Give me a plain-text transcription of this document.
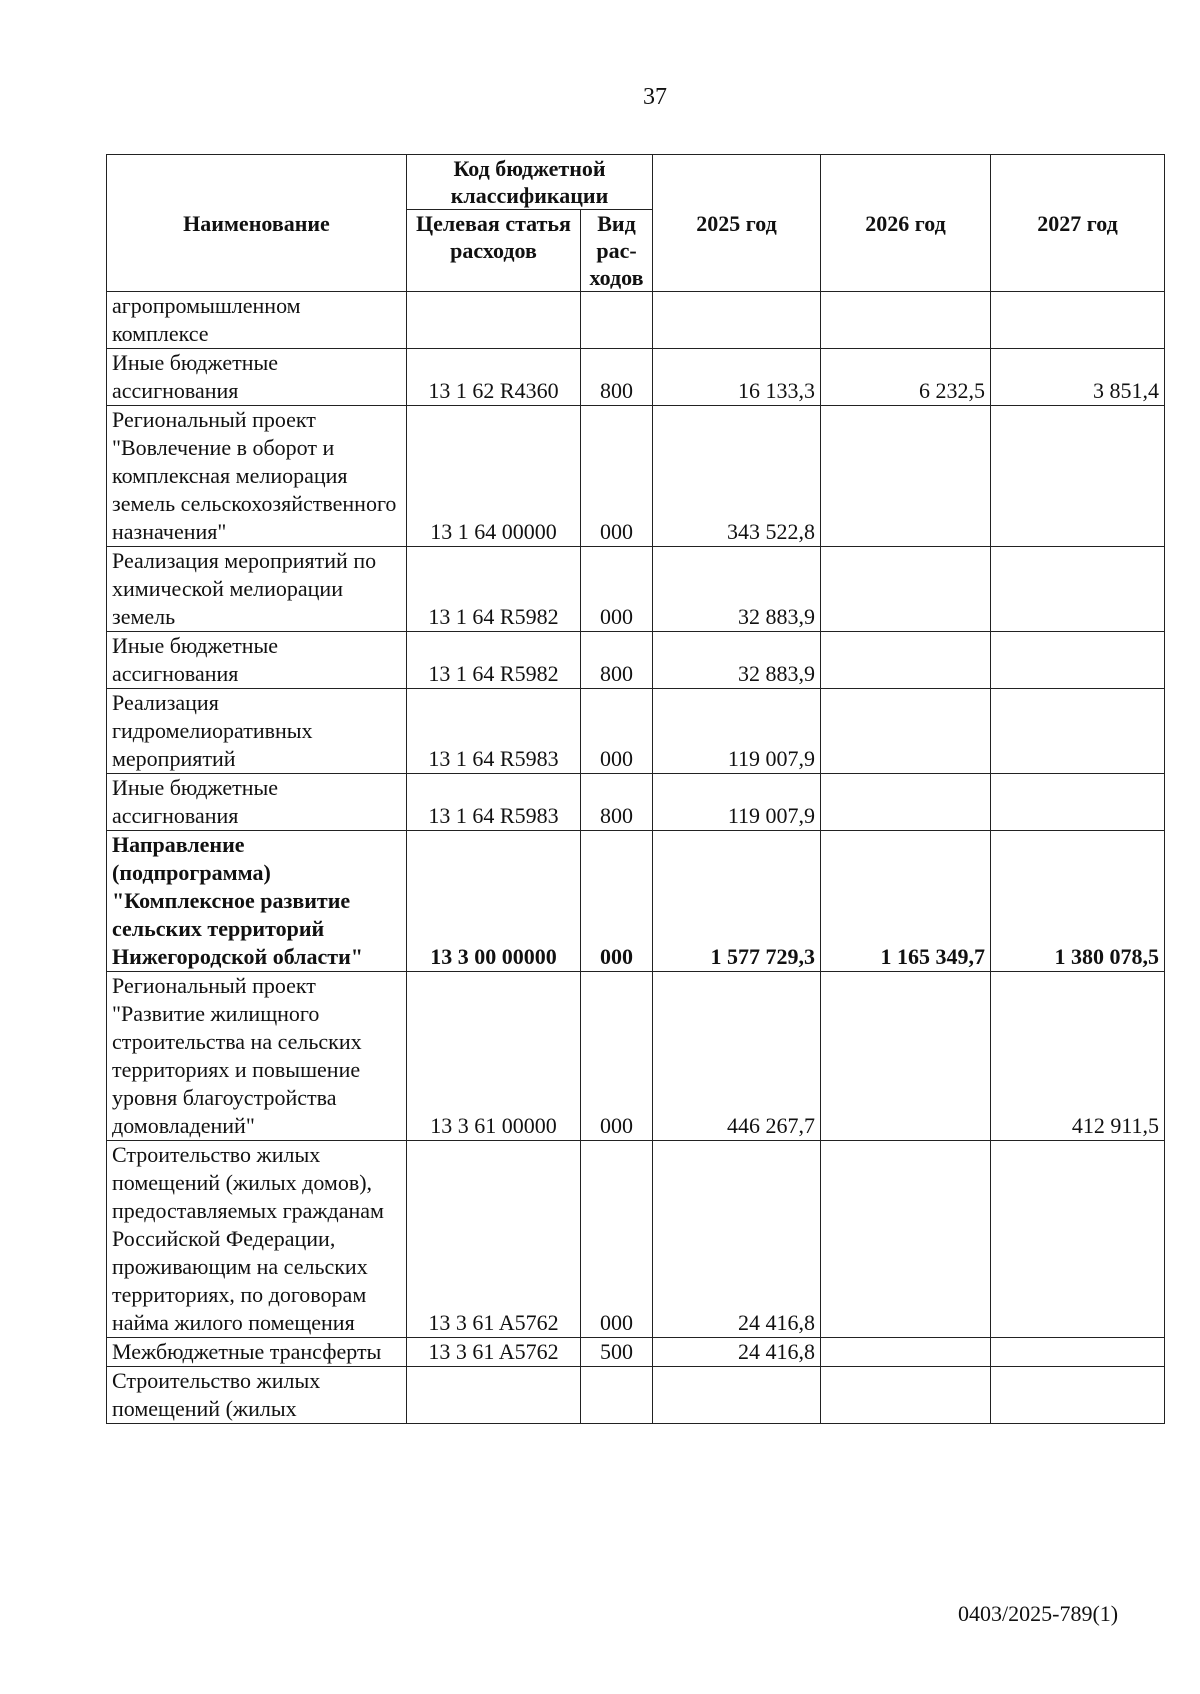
37
Наименование	Код бюджетной классификации		2025 год	2026 год	2027 год
	Целевая статья расходов	Вид рас-ходов			
агропромышленном комплексе					
Иные бюджетные ассигнования	13 1 62 R4360	800	16 133,3	6 232,5	3 851,4
Региональный проект "Вовлечение в оборот и комплексная мелиорация земель сельскохозяйственного назначения"	13 1 64 00000	000	343 522,8		
Реализация мероприятий по химической мелиорации земель	13 1 64 R5982	000	32 883,9		
Иные бюджетные ассигнования	13 1 64 R5982	800	32 883,9		
Реализация гидромелиоративных мероприятий	13 1 64 R5983	000	119 007,9		
Иные бюджетные ассигнования	13 1 64 R5983	800	119 007,9		
Направление (подпрограмма) "Комплексное развитие сельских территорий Нижегородской области"	13 3 00 00000	000	1 577 729,3	1 165 349,7	1 380 078,5
Региональный проект "Развитие жилищного строительства на сельских территориях и повышение уровня благоустройства домовладений"	13 3 61 00000	000	446 267,7		412 911,5
Строительство жилых помещений (жилых домов), предоставляемых гражданам Российской Федерации, проживающим на сельских территориях, по договорам найма жилого помещения	13 3 61 A5762	000	24 416,8		
Межбюджетные трансферты	13 3 61 A5762	500	24 416,8		
Строительство жилых помещений (жилых					
0403/2025-789(1)
